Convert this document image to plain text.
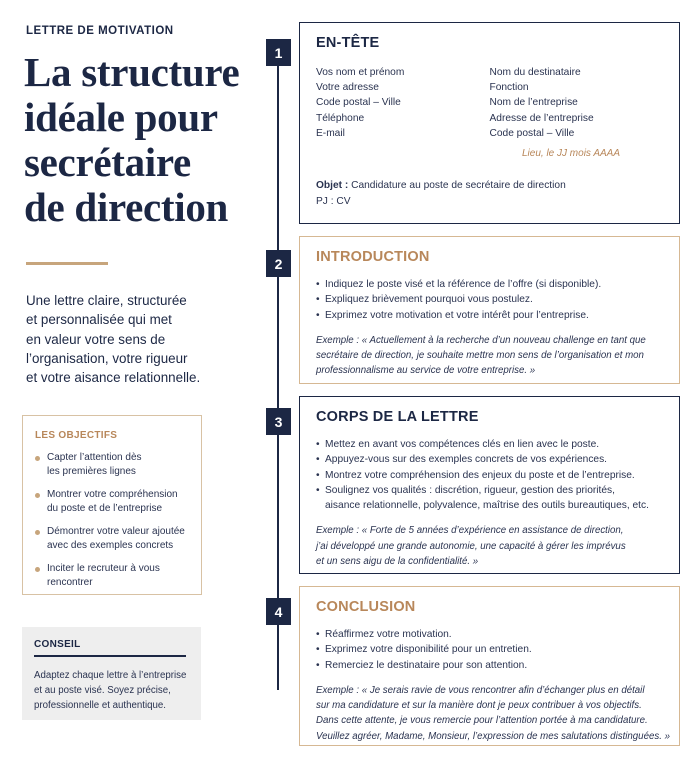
LETTRE DE MOTIVATION
La structure
idéale pour
secrétaire
de direction

Une lettre claire, structurée
et personnalisée qui met
en valeur votre sens de
l’organisation, votre rigueur
et votre aisance relationnelle.

LES OBJECTIFS
Capter l’attention dès
les premières lignes
Montrer votre compréhension
du poste et de l’entreprise
Démontrer votre valeur ajoutée
avec des exemples concrets
Inciter le recruteur à vous
rencontrer
CONSEIL
Adaptez chaque lettre à l’entreprise
et au poste visé. Soyez précise,
professionnelle et authentique.
1
2
3
4
EN-TÊTE
Vos nom et prénom
Votre adresse
Code postal – Ville
Téléphone
E-mail
Nom du destinataire
Fonction
Nom de l’entreprise
Adresse de l’entreprise
Code postal – Ville
Lieu, le JJ mois AAAA
Objet : Candidature au poste de secrétaire de direction
PJ : CV
INTRODUCTION
• Indiquez le poste visé et la référence de l’offre (si disponible).
• Expliquez brièvement pourquoi vous postulez.
• Exprimez votre motivation et votre intérêt pour l’entreprise.
Exemple : « Actuellement à la recherche d’un nouveau challenge en tant que
secrétaire de direction, je souhaite mettre mon sens de l’organisation et mon
professionnalisme au service de votre entreprise. »
CORPS DE LA LETTRE
• Mettez en avant vos compétences clés en lien avec le poste.
• Appuyez-vous sur des exemples concrets de vos expériences.
• Montrez votre compréhension des enjeux du poste et de l’entreprise.
• Soulignez vos qualités : discrétion, rigueur, gestion des priorités,
aisance relationnelle, polyvalence, maîtrise des outils bureautiques, etc.
Exemple : « Forte de 5 années d’expérience en assistance de direction,
j’ai développé une grande autonomie, une capacité à gérer les imprévus
et un sens aigu de la confidentialité. »
CONCLUSION
• Réaffirmez votre motivation.
• Exprimez votre disponibilité pour un entretien.
• Remerciez le destinataire pour son attention.
Exemple : « Je serais ravie de vous rencontrer afin d’échanger plus en détail
sur ma candidature et sur la manière dont je peux contribuer à vos objectifs.
Dans cette attente, je vous remercie pour l’attention portée à ma candidature.
Veuillez agréer, Madame, Monsieur, l’expression de mes salutations distinguées. »
